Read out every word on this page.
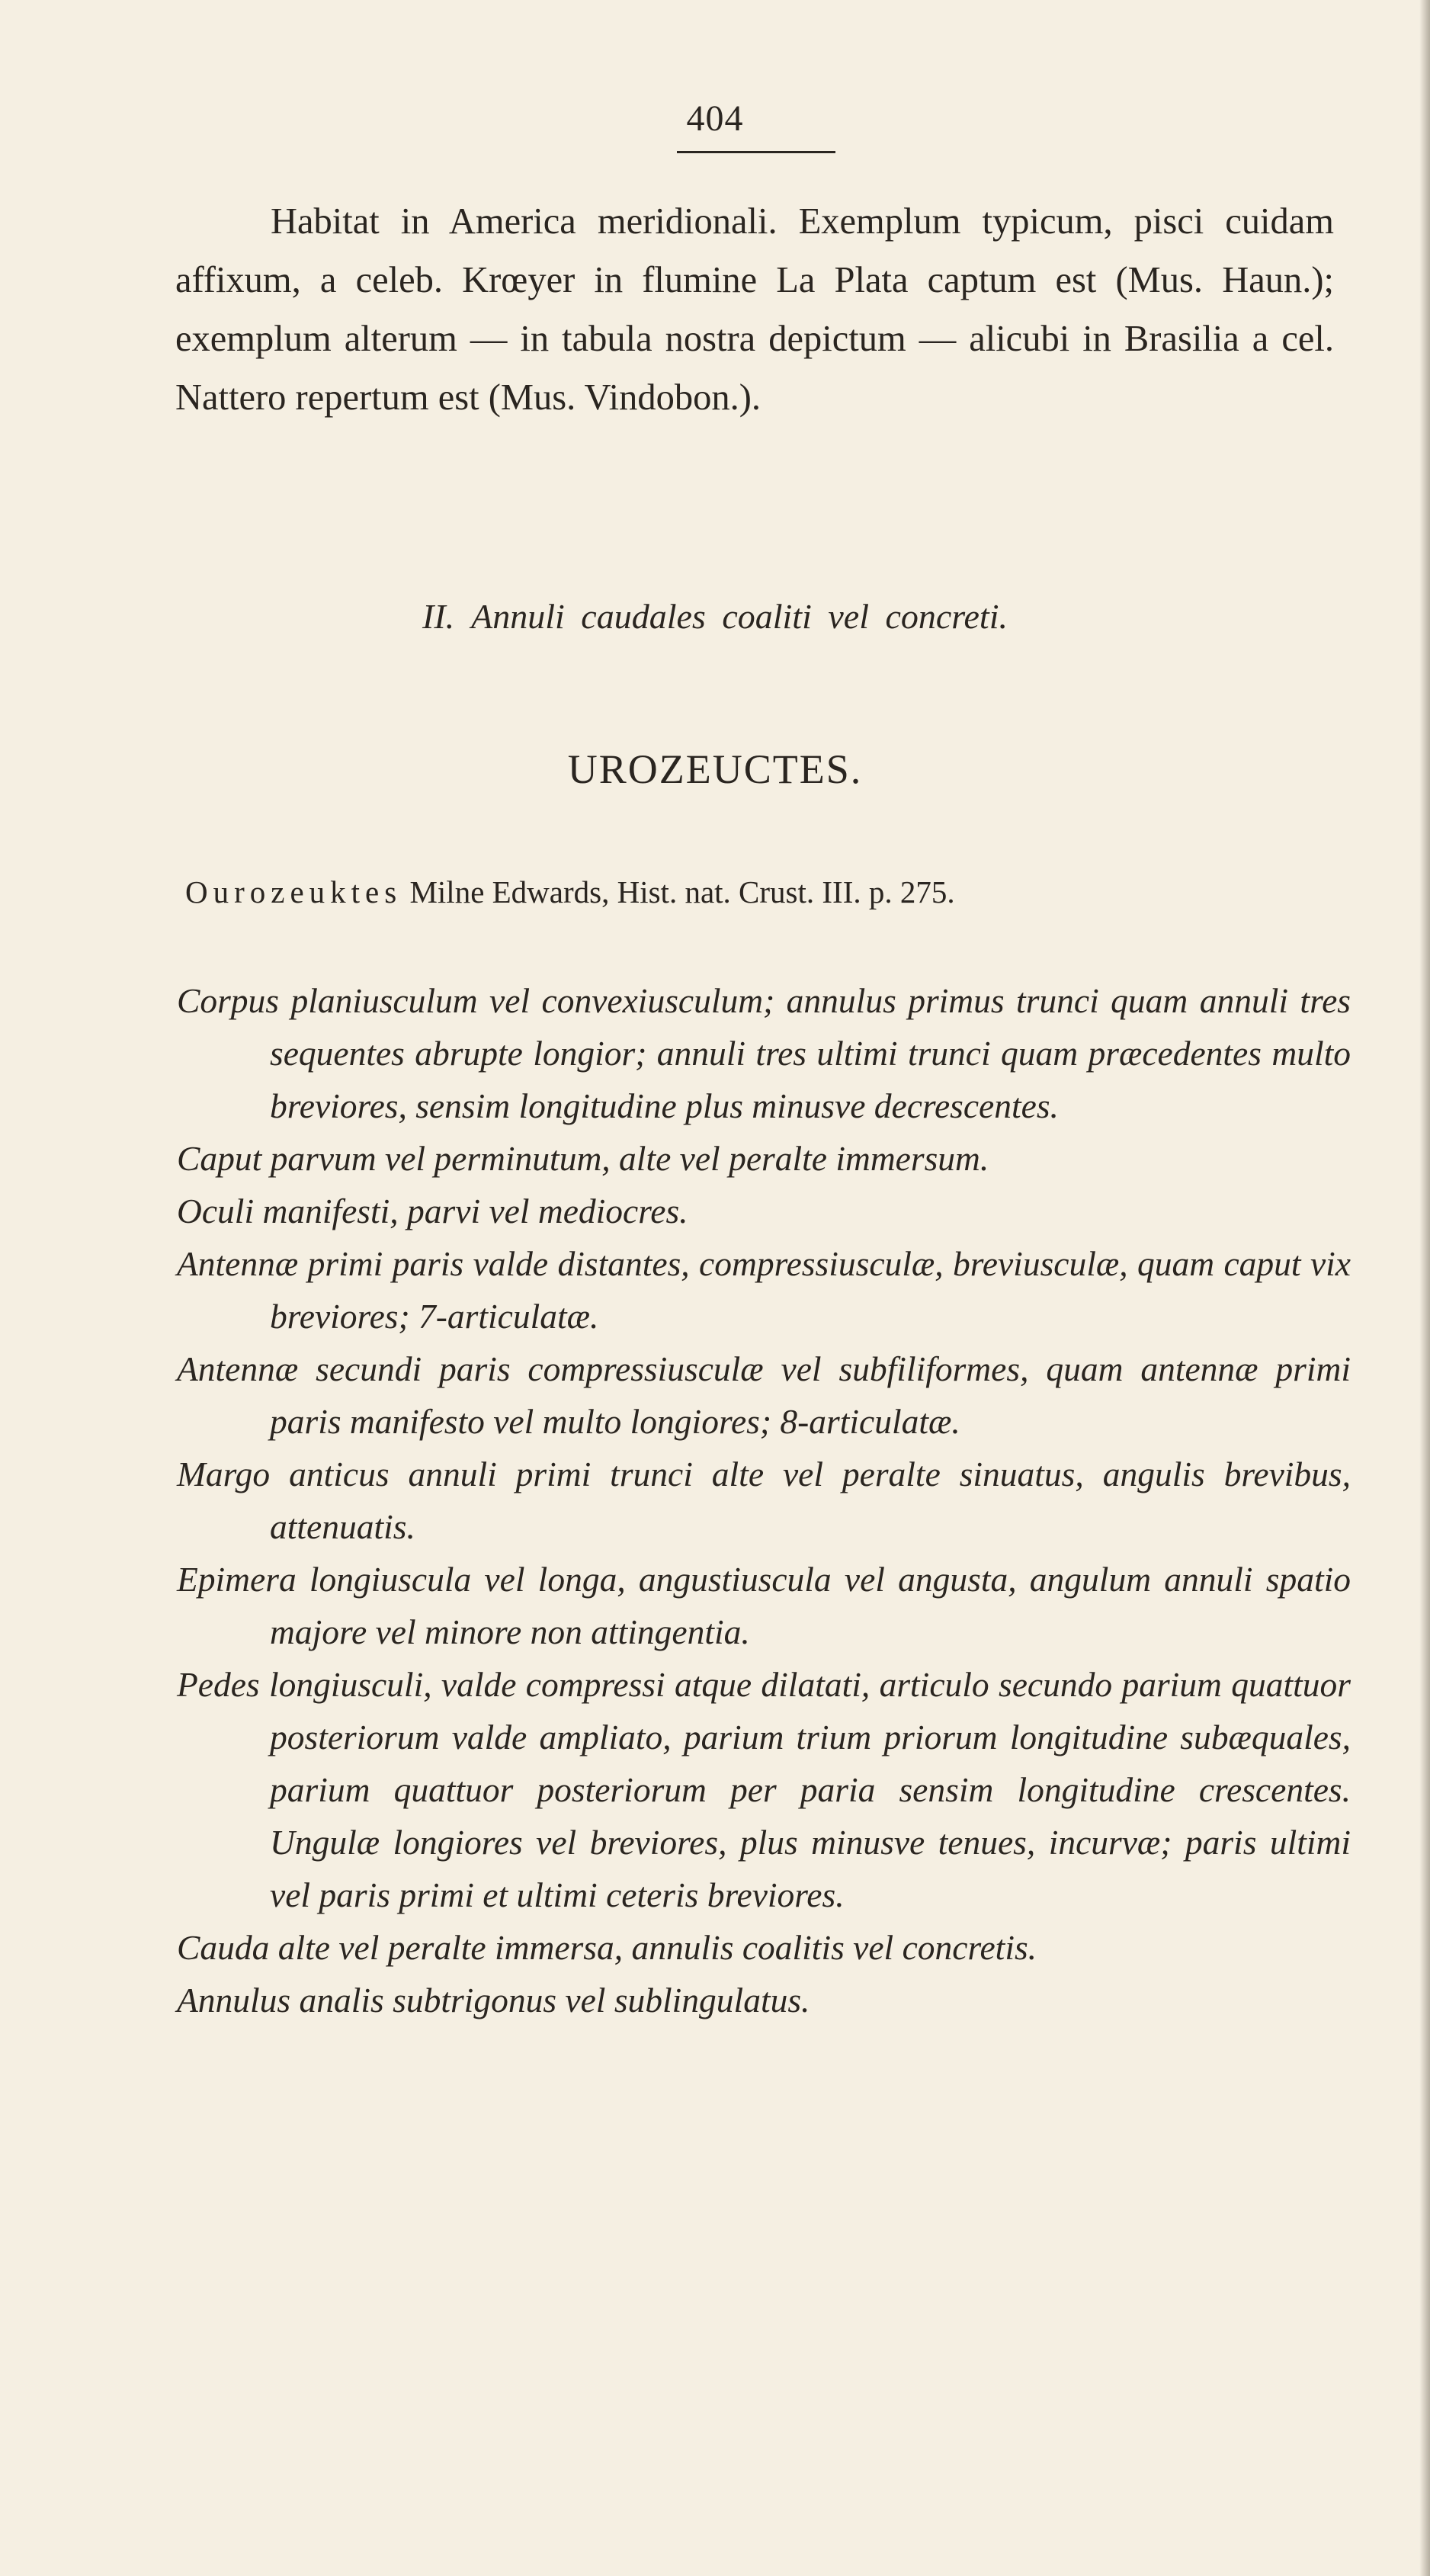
404

Habitat in America meridionali. Exemplum typicum, pisci cuidam affixum, a celeb. Krœyer in flumine La Plata captum est (Mus. Haun.); exemplum alterum — in tabula nostra depictum — alicubi in Brasilia a cel. Nattero repertum est (Mus. Vindobon.).

II. Annuli caudales coaliti vel concreti.
UROZEUCTES.
Ourozeuktes Milne Edwards, Hist. nat. Crust. III. p. 275.

Corpus planiusculum vel convexiusculum; annulus primus trunci quam annuli tres sequentes abrupte longior; annuli tres ultimi trunci quam præcedentes multo breviores, sensim longitudine plus minusve decrescentes.

Caput parvum vel perminutum, alte vel peralte immersum.

Oculi manifesti, parvi vel mediocres.

Antennæ primi paris valde distantes, compressiusculæ, breviusculæ, quam caput vix breviores; 7-articulatæ.

Antennæ secundi paris compressiusculæ vel subfiliformes, quam antennæ primi paris manifesto vel multo longiores; 8-articulatæ.

Margo anticus annuli primi trunci alte vel peralte sinuatus, angulis brevibus, attenuatis.

Epimera longiuscula vel longa, angustiuscula vel angusta, angulum annuli spatio majore vel minore non attingentia.

Pedes longiusculi, valde compressi atque dilatati, articulo secundo parium quattuor posteriorum valde ampliato, parium trium priorum longitudine subæquales, parium quattuor posteriorum per paria sensim longitudine crescentes. Ungulæ longiores vel breviores, plus minusve tenues, incurvæ; paris ultimi vel paris primi et ultimi ceteris breviores.

Cauda alte vel peralte immersa, annulis coalitis vel concretis.

Annulus analis subtrigonus vel sublingulatus.
